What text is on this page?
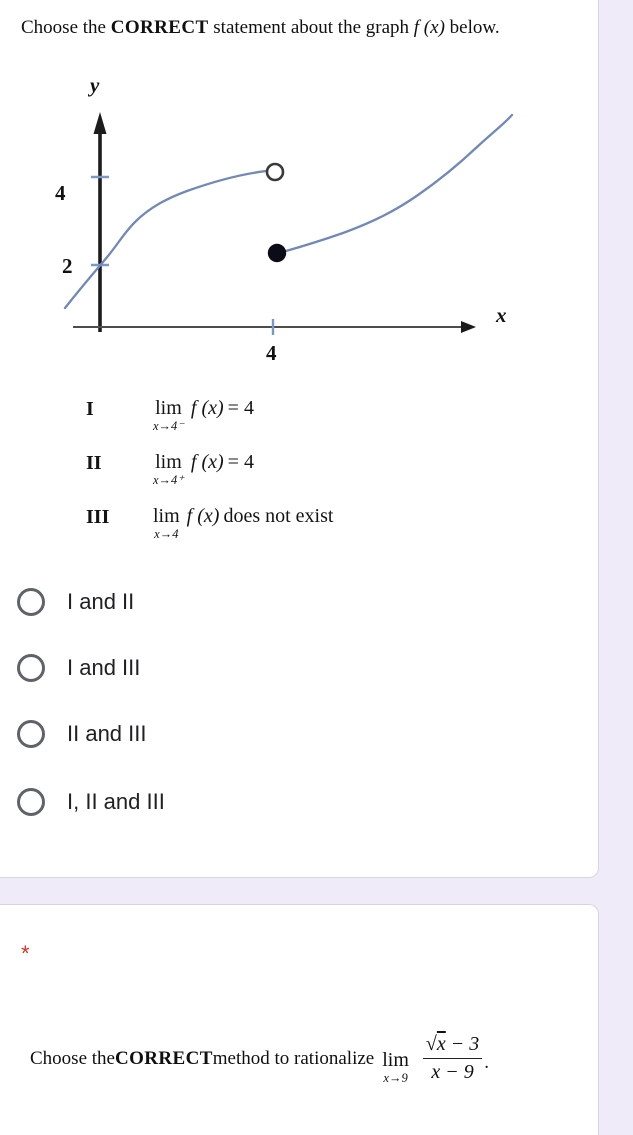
Choose the CORRECT statement about the graph f (x) below.
y
x
4
2
4
I	lim
x→4⁻
f (x) = 4
II	lim
x→4⁺
f (x) = 4
III	lim
x→4
f (x) does not exist
I and II
I and III
II and III
I, II and III
*
Choose the CORRECT method to rationalize lim
$x\to 9 \frac{√x - 3}{x - 9}$ .
